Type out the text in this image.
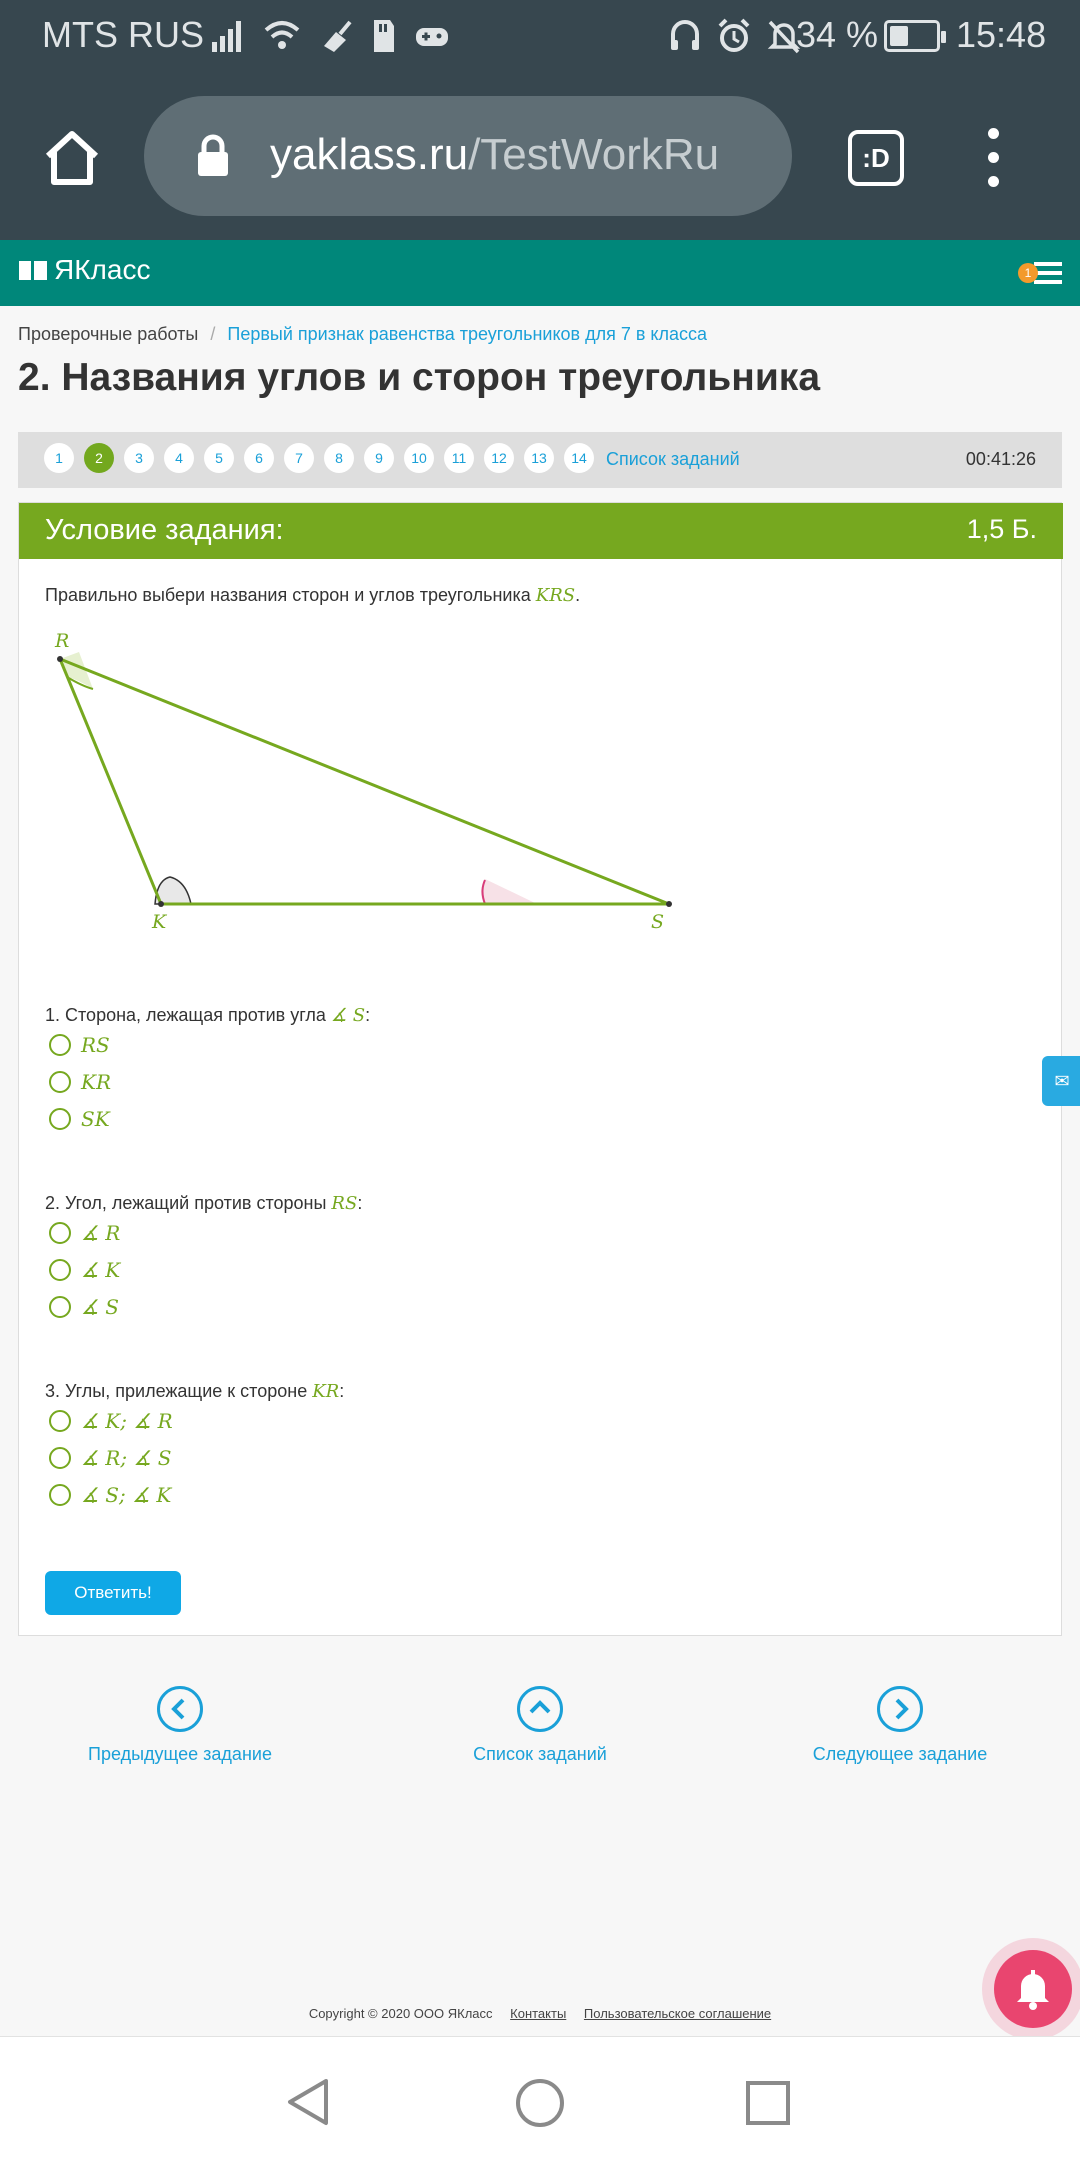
MTS RUS	34 % 15:48
yaklass.ru/TestWorkRu	:D
ЯКласс	1
Проверочные работы / Первый признак равенства треугольников для 7 в класса
2. Названия углов и сторон треугольника
1	2	3	4	5	6	7	8	9	10	11	12	13	14	Список заданий	00:41:26
Условие задания:	1,5 Б.
Правильно выбери названия сторон и углов треугольника KRS.
R
K	S
1. Сторона, лежащая против угла ∡ S:
RS
KR
SK
2. Угол, лежащий против стороны RS:
∡ R
∡ K
∡ S
3. Углы, прилежащие к стороне KR:
∡ K; ∡ R
∡ R; ∡ S
∡ S; ∡ K
Ответить!
Предыдущее задание	Список заданий	Следующее задание
Copyright © 2020 ООО ЯКласс Контакты Пользовательское соглашение
✉
